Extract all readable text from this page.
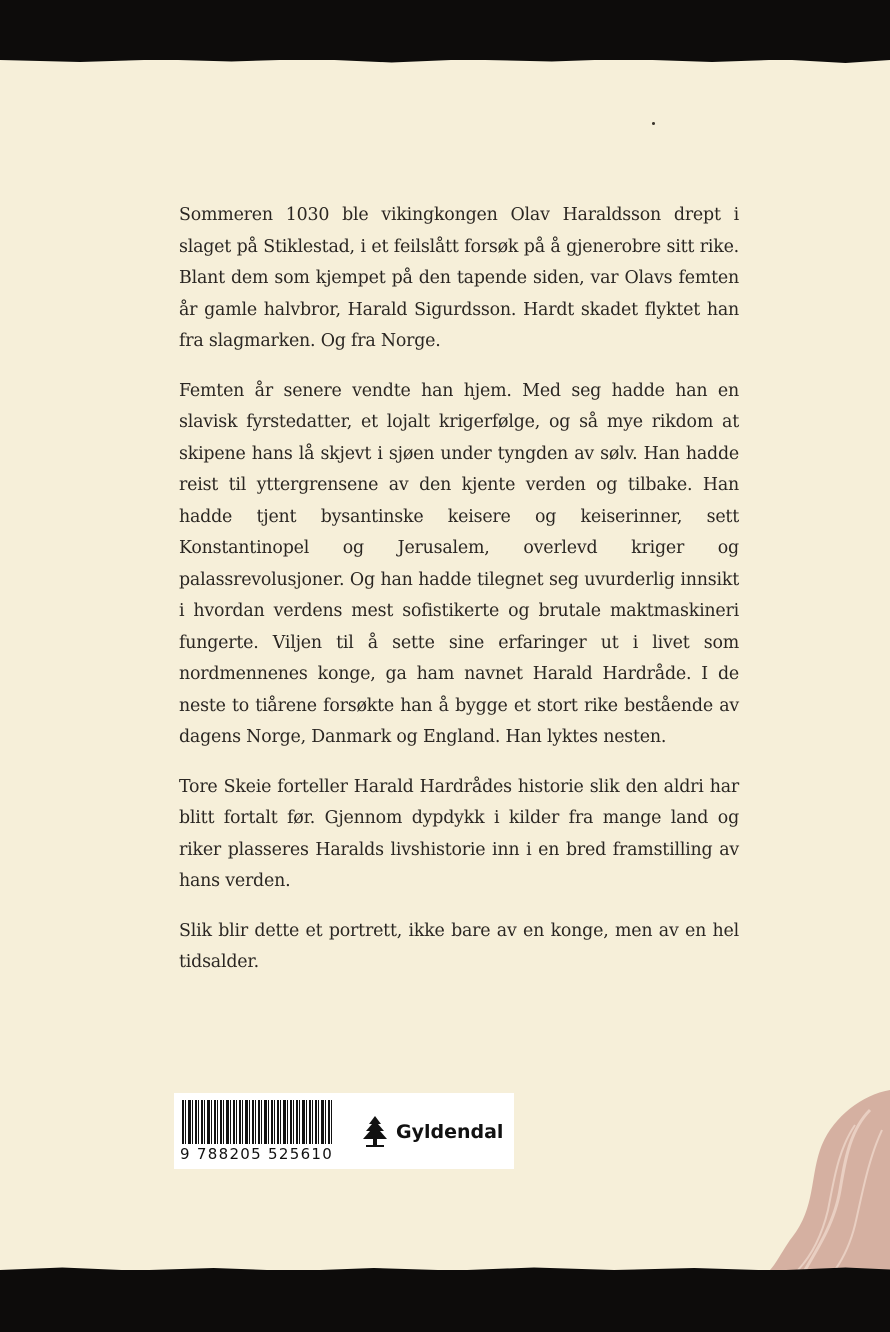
Sommeren 1030 ble vikingkongen Olav Haraldsson drept i slaget på Stiklestad, i et feilslått forsøk på å gjenerobre sitt rike. Blant dem som kjempet på den tapende siden, var Olavs femten år gamle halvbror, Harald Sigurdsson. Hardt skadet flyktet han fra slagmarken. Og fra Norge.

Femten år senere vendte han hjem. Med seg hadde han en slavisk fyrstedatter, et lojalt krigerfølge, og så mye rikdom at skipene hans lå skjevt i sjøen under tyngden av sølv. Han hadde reist til yttergrensene av den kjente verden og tilbake. Han hadde tjent bysantinske keisere og keiserinner, sett Konstantinopel og Jerusalem, overlevd kriger og palassrevolusjoner. Og han hadde tilegnet seg uvurderlig innsikt i hvordan verdens mest sofistikerte og brutale maktmaskineri fungerte. Viljen til å sette sine erfaringer ut i livet som nordmennenes konge, ga ham navnet Harald Hardråde. I de neste to tiårene forsøkte han å bygge et stort rike bestående av dagens Norge, Danmark og England. Han lyktes nesten.

Tore Skeie forteller Harald Hardrådes historie slik den aldri har blitt fortalt før. Gjennom dypdykk i kilder fra mange land og riker plasseres Haralds livshistorie inn i en bred framstilling av hans verden.

Slik blir dette et portrett, ikke bare av en konge, men av en hel tidsalder.

9 788205 525610
Gyldendal
